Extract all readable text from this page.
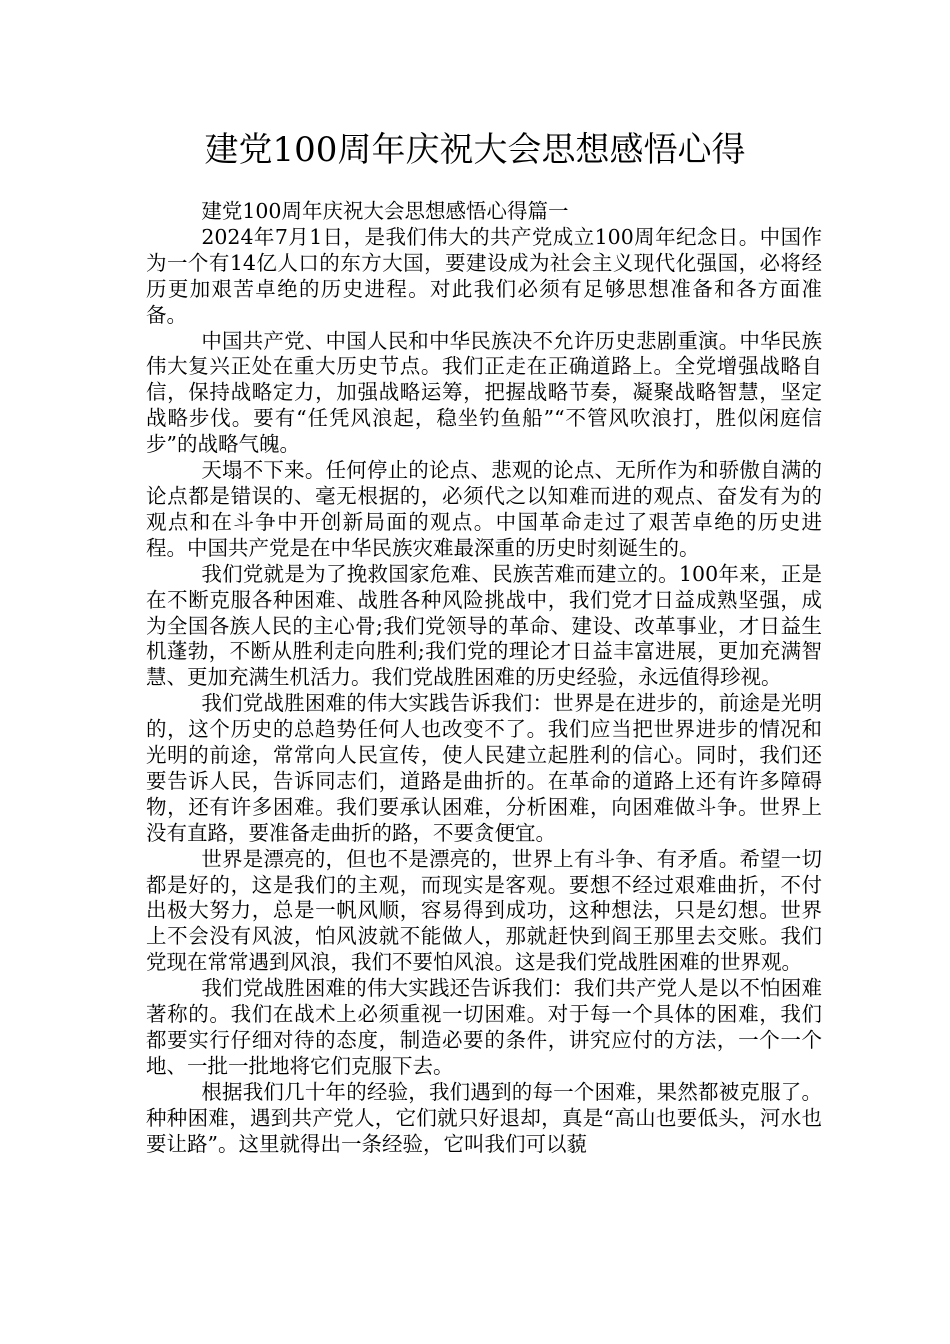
建党100周年庆祝大会思想感悟心得

建党100周年庆祝大会思想感悟心得篇一

2024年7月1日，是我们伟大的共产党成立100周年纪念日。中国作为一个有14亿人口的东方大国，要建设成为社会主义现代化强国，必将经历更加艰苦卓绝的历史进程。对此我们必须有足够思想准备和各方面准备。

中国共产党、中国人民和中华民族决不允许历史悲剧重演。中华民族伟大复兴正处在重大历史节点。我们正走在正确道路上。全党增强战略自信，保持战略定力，加强战略运筹，把握战略节奏，凝聚战略智慧，坚定战略步伐。要有“任凭风浪起，稳坐钓鱼船”“不管风吹浪打，胜似闲庭信步”的战略气魄。

天塌不下来。任何停止的论点、悲观的论点、无所作为和骄傲自满的论点都是错误的、毫无根据的，必须代之以知难而进的观点、奋发有为的观点和在斗争中开创新局面的观点。中国革命走过了艰苦卓绝的历史进程。中国共产党是在中华民族灾难最深重的历史时刻诞生的。

我们党就是为了挽救国家危难、民族苦难而建立的。100年来，正是在不断克服各种困难、战胜各种风险挑战中，我们党才日益成熟坚强，成为全国各族人民的主心骨;我们党领导的革命、建设、改革事业，才日益生机蓬勃，不断从胜利走向胜利;我们党的理论才日益丰富进展，更加充满智慧、更加充满生机活力。我们党战胜困难的历史经验，永远值得珍视。

我们党战胜困难的伟大实践告诉我们：世界是在进步的，前途是光明的，这个历史的总趋势任何人也改变不了。我们应当把世界进步的情况和光明的前途，常常向人民宣传，使人民建立起胜利的信心。同时，我们还要告诉人民，告诉同志们，道路是曲折的。在革命的道路上还有许多障碍物，还有许多困难。我们要承认困难，分析困难，向困难做斗争。世界上没有直路，要准备走曲折的路，不要贪便宜。

世界是漂亮的，但也不是漂亮的，世界上有斗争、有矛盾。希望一切都是好的，这是我们的主观，而现实是客观。要想不经过艰难曲折，不付出极大努力，总是一帆风顺，容易得到成功，这种想法，只是幻想。世界上不会没有风波，怕风波就不能做人，那就赶快到阎王那里去交账。我们党现在常常遇到风浪，我们不要怕风浪。这是我们党战胜困难的世界观。

我们党战胜困难的伟大实践还告诉我们：我们共产党人是以不怕困难著称的。我们在战术上必须重视一切困难。对于每一个具体的困难，我们都要实行仔细对待的态度，制造必要的条件，讲究应付的方法，一个一个地、一批一批地将它们克服下去。

根据我们几十年的经验，我们遇到的每一个困难，果然都被克服了。种种困难，遇到共产党人，它们就只好退却，真是“高山也要低头，河水也要让路”。这里就得出一条经验，它叫我们可以藐
